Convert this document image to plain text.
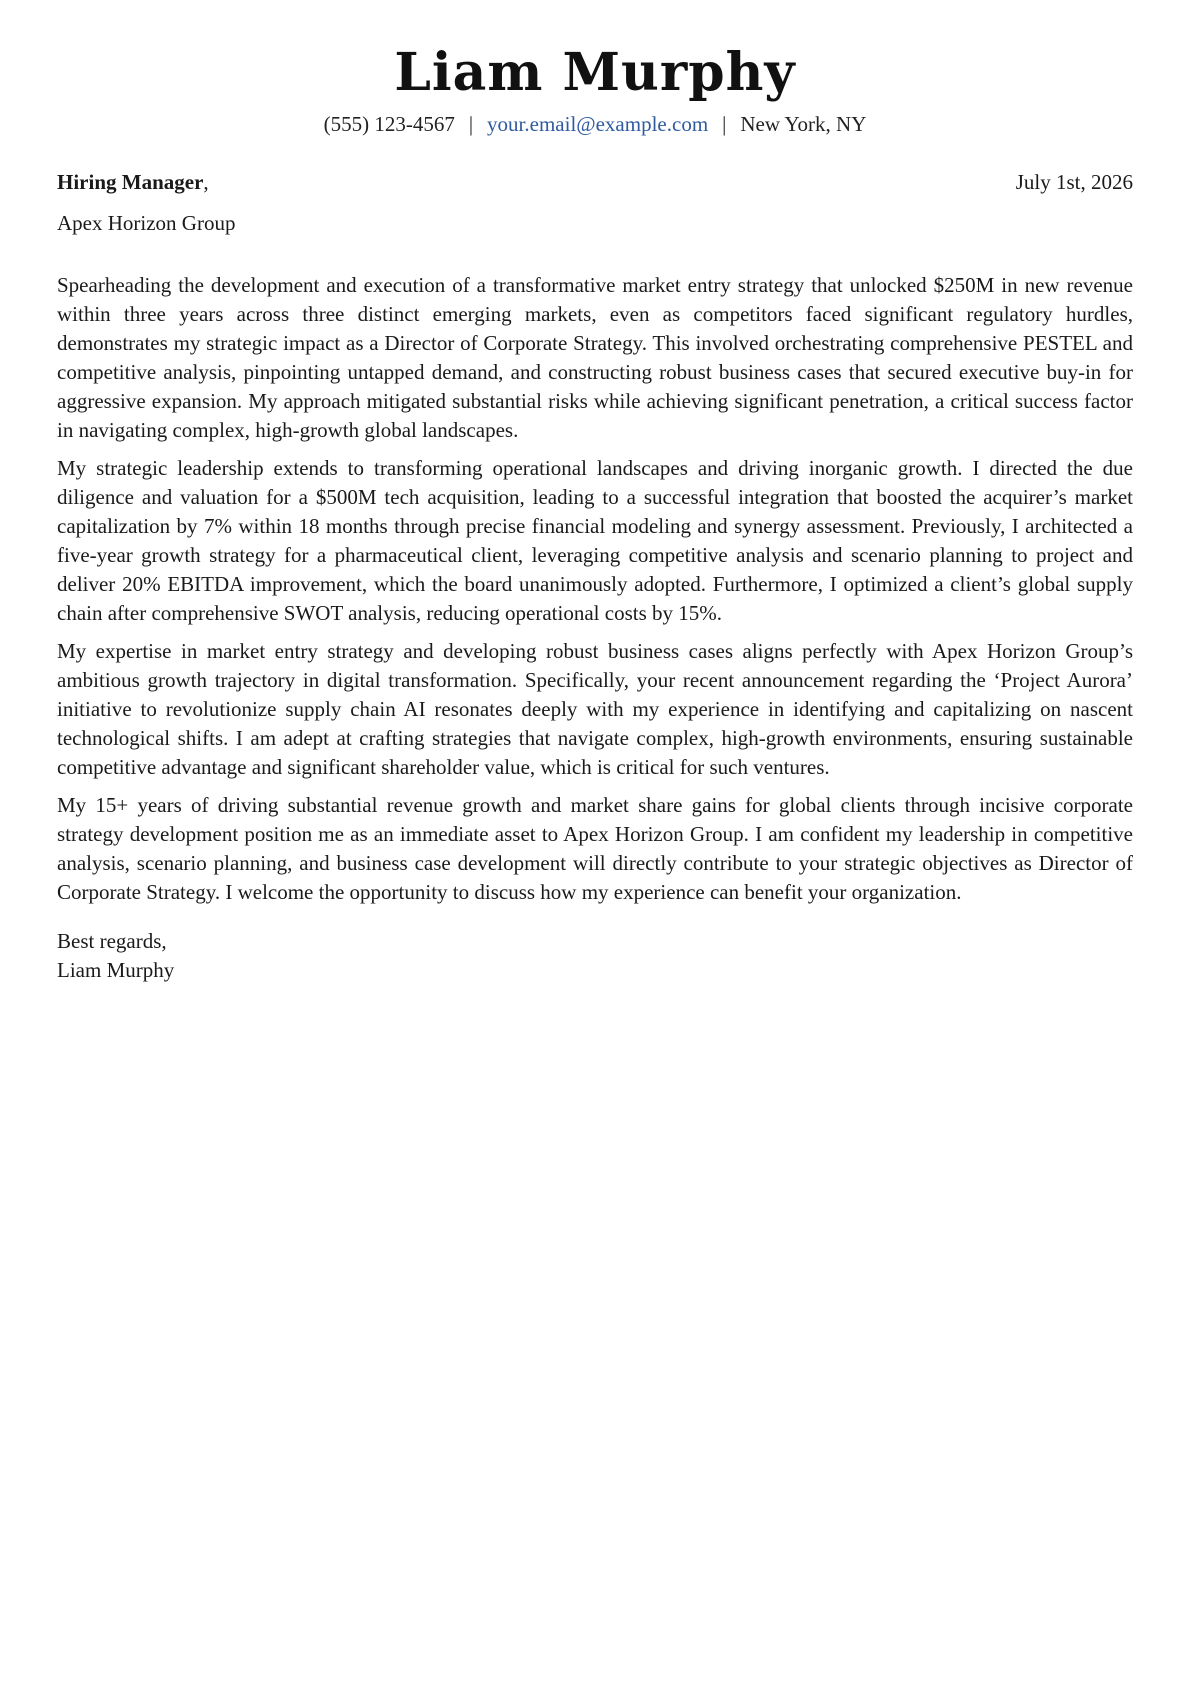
Liam Murphy
(555) 123-4567 | your.email@example.com | New York, NY
Hiring Manager,	July 1st, 2026
Apex Horizon Group

Spearheading the development and execution of a transformative market entry strategy that unlocked $250M in new revenue within three years across three distinct emerging markets, even as competitors faced significant regulatory hurdles, demonstrates my strategic impact as a Director of Corporate Strategy. This involved orchestrating comprehensive PESTEL and competitive analysis, pinpointing untapped demand, and constructing robust business cases that secured executive buy-in for aggressive expansion. My approach mitigated substantial risks while achieving significant penetration, a critical success factor in navigating complex, high-growth global landscapes.

My strategic leadership extends to transforming operational landscapes and driving inorganic growth. I directed the due diligence and valuation for a $500M tech acquisition, leading to a successful integration that boosted the acquirer’s market capitalization by 7% within 18 months through precise financial modeling and synergy assessment. Previously, I architected a five-year growth strategy for a pharmaceutical client, leveraging competitive analysis and scenario planning to project and deliver 20% EBITDA improvement, which the board unanimously adopted. Furthermore, I optimized a client’s global supply chain after comprehensive SWOT analysis, reducing operational costs by 15%.

My expertise in market entry strategy and developing robust business cases aligns perfectly with Apex Horizon Group’s ambitious growth trajectory in digital transformation. Specifically, your recent announcement regarding the ‘Project Aurora’ initiative to revolutionize supply chain AI resonates deeply with my experience in identifying and capitalizing on nascent technological shifts. I am adept at crafting strategies that navigate complex, high-growth environments, ensuring sustainable competitive advantage and significant shareholder value, which is critical for such ventures.

My 15+ years of driving substantial revenue growth and market share gains for global clients through incisive corporate strategy development position me as an immediate asset to Apex Horizon Group. I am confident my leadership in competitive analysis, scenario planning, and business case development will directly contribute to your strategic objectives as Director of Corporate Strategy. I welcome the opportunity to discuss how my experience can benefit your organization.

Best regards,
Liam Murphy
